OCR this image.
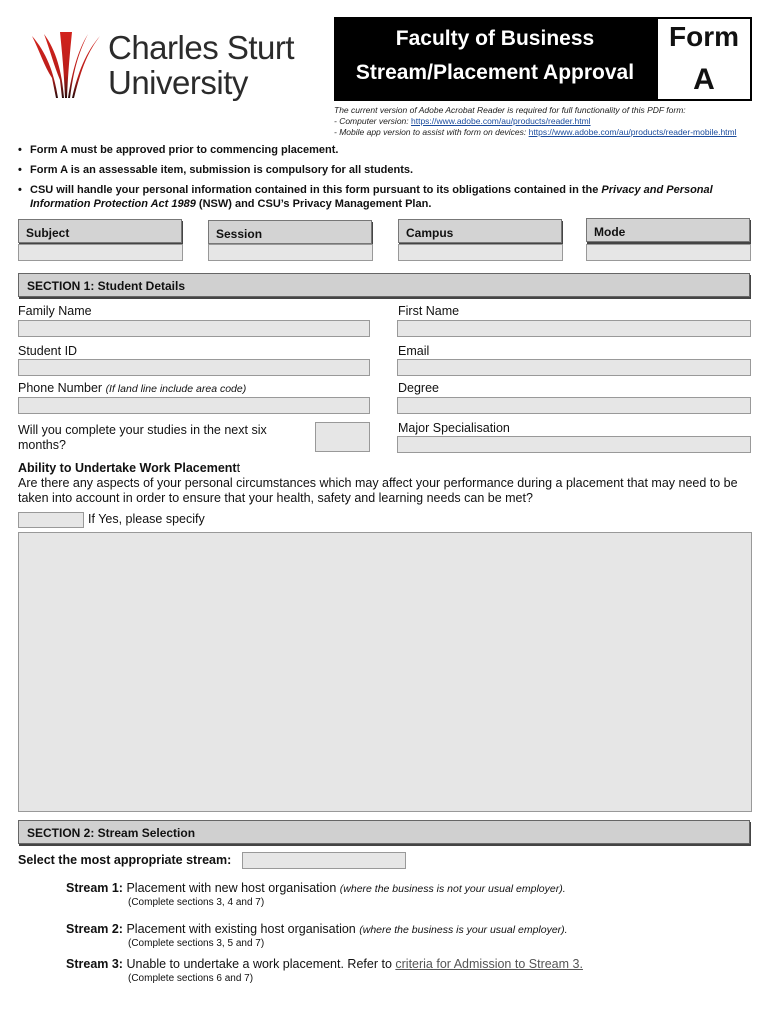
Charles Sturt
University
Faculty of Business
Stream/Placement Approval
Form
A
The current version of Adobe Acrobat Reader is required for full functionality of this PDF form:
- Computer version: https://www.adobe.com/au/products/reader.html
- Mobile app version to assist with form on devices: https://www.adobe.com/au/products/reader-mobile.html
• Form A must be approved prior to commencing placement.
• Form A is an assessable item, submission is compulsory for all students.
• CSU will handle your personal information contained in this form pursuant to its obligations contained in the Privacy and Personal Information Protection Act 1989 (NSW) and CSU’s Privacy Management Plan.
Subject	Session	Campus	Mode
SECTION 1: Student Details
Family Name	First Name
Student ID	Email
Phone Number (If land line include area code)	Degree
Will you complete your studies in the next six months?
Major Specialisation
Ability to Undertake Work Placementt
Are there any aspects of your personal circumstances which may affect your performance during a placement that may need to be taken into account in order to ensure that your health, safety and learning needs can be met?
If Yes, please specify
SECTION 2: Stream Selection
Select the most appropriate stream:
Stream 1: Placement with new host organisation (where the business is not your usual employer).
(Complete sections 3, 4 and 7)
Stream 2: Placement with existing host organisation (where the business is your usual employer).
(Complete sections 3, 5 and 7)
Stream 3: Unable to undertake a work placement. Refer to criteria for Admission to Stream 3.
(Complete sections 6 and 7)
